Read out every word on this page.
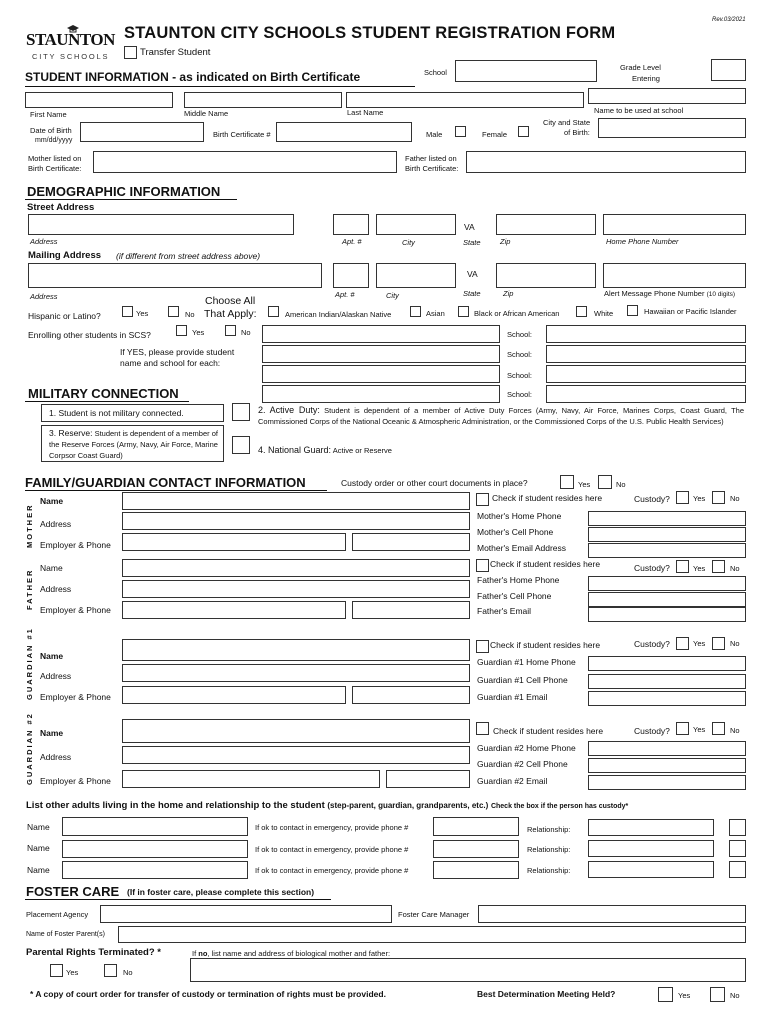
STAUNTON
CITY SCHOOLS
STAUNTON CITY SCHOOLS STUDENT REGISTRATION FORM
Rev.03/2021
Transfer Student
STUDENT INFORMATION - as indicated on Birth Certificate	School
Grade Level
Entering
First Name	Middle Name	Last Name	Name to be used at school
Date of Birth
mm/dd/yyyy
Birth Certificate #	Male	Female
City and State
of Birth:
Mother listed on
Birth Certificate:
Father listed on
Birth Certificate:
DEMOGRAPHIC INFORMATION
Street Address
VA
Address	Apt. #	City	State	Zip	Home Phone Number
Mailing Address (if different from street address above)
VA
Address	Apt. #	City	State	Zip	Alert Message Phone Number (10 digits)
Hispanic or Latino?	Yes	No
Choose All
That Apply:	American Indian/Alaskan Native	Asian	Black or African American	White	Hawaiian or Pacific Islander
Enrolling other students in SCS?	Yes	No
If YES, please provide student
name and school for each:
School:
School:
School:
School:
MILITARY CONNECTION
1. Student is not military connected.
3. Reserve: Student is dependent of a member of the Reserve Forces (Army, Navy, Air Force, Marine Corpsor Coast Guard)
2. Active Duty: Student is dependent of a member of Active Duty Forces (Army, Navy, Air Force, Marines Corps, Coast Guard, The Commissioned Corps of the National Oceanic & Atmospheric Administration, or the Commissioned Corps of the U.S. Public Health Services)
4. National Guard: Active or Reserve
FAMILY/GUARDIAN CONTACT INFORMATION	Custody order or other court documents in place?	Yes	No
MOTHER
Name
Address
Employer & Phone
Check if student resides here	Custody?	Yes	No
Mother's Home Phone
Mother's Cell Phone
Mother's Email Address
FATHER
Name
Address
Employer & Phone
Check if student resides here	Custody?	Yes	No
Father's Home Phone
Father's Cell Phone
Father's Email
GUARDIAN #1 Name
Address
Employer & Phone
Check if student resides here	Custody?	Yes	No
Guardian #1 Home Phone
Guardian #1 Cell Phone
Guardian #1 Email
GUARDIAN #2 Name
Address
Employer & Phone
Check if student resides here	Custody?	Yes	No
Guardian #2 Home Phone
Guardian #2 Cell Phone
Guardian #2 Email
List other adults living in the home and relationship to the student (step-parent, guardian, grandparents, etc.) Check the box if the person has custody*
Name	If ok to contact in emergency, provide phone #	Relationship:
Name	If ok to contact in emergency, provide phone #	Relationship:
Name	If ok to contact in emergency, provide phone #	Relationship:
FOSTER CARE (If in foster care, please complete this section)
Placement Agency	Foster Care Manager
Name of Foster Parent(s)
Parental Rights Terminated? *	If no, list name and address of biological mother and father:
Yes	No
* A copy of court order for transfer of custody or termination of rights must be provided.	Best Determination Meeting Held?	Yes	No
